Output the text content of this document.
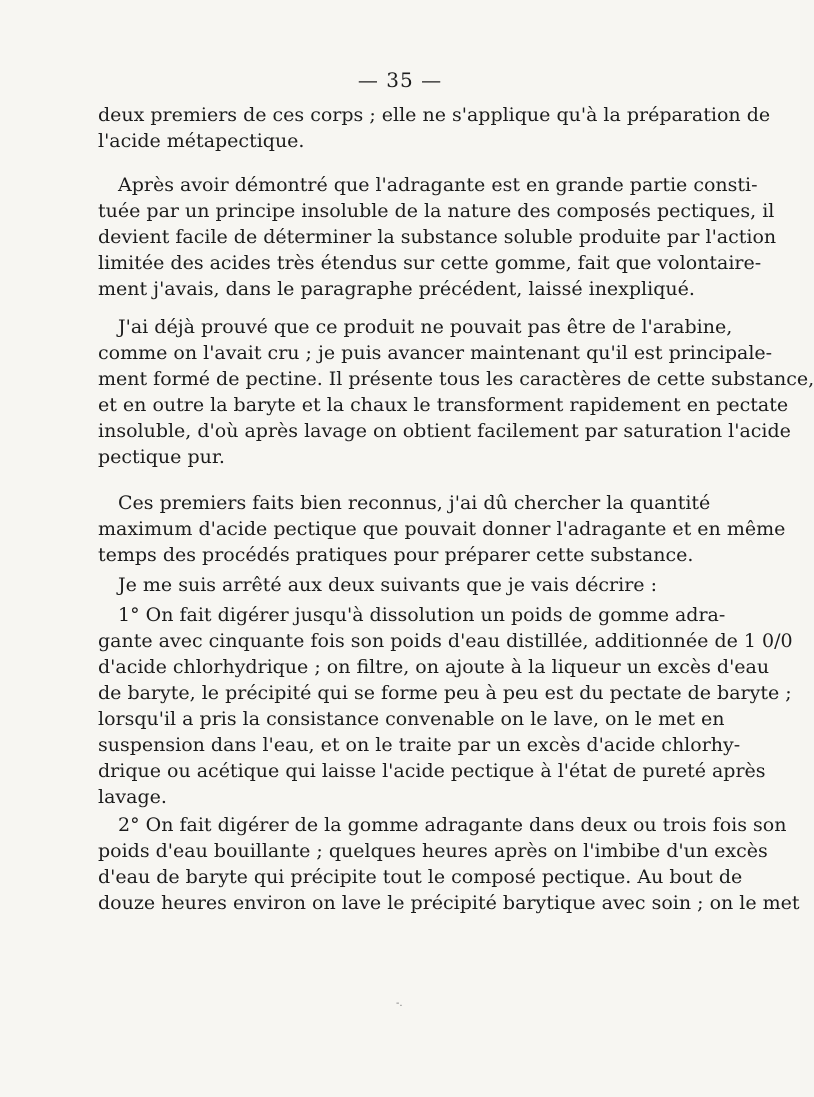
— 35 —
deux premiers de ces corps ; elle ne s'applique qu'à la préparation de
l'acide métapectique.
Après avoir démontré que l'adragante est en grande partie consti-
tuée par un principe insoluble de la nature des composés pectiques, il
devient facile de déterminer la substance soluble produite par l'action
limitée des acides très étendus sur cette gomme, fait que volontaire-
ment j'avais, dans le paragraphe précédent, laissé inexpliqué.
J'ai déjà prouvé que ce produit ne pouvait pas être de l'arabine,
comme on l'avait cru ; je puis avancer maintenant qu'il est principale-
ment formé de pectine. Il présente tous les caractères de cette substance,
et en outre la baryte et la chaux le transforment rapidement en pectate
insoluble, d'où après lavage on obtient facilement par saturation l'acide
pectique pur.
Ces premiers faits bien reconnus, j'ai dû chercher la quantité
maximum d'acide pectique que pouvait donner l'adragante et en même
temps des procédés pratiques pour préparer cette substance.
Je me suis arrêté aux deux suivants que je vais décrire :
1° On fait digérer jusqu'à dissolution un poids de gomme adra-
gante avec cinquante fois son poids d'eau distillée, additionnée de 1 0/0
d'acide chlorhydrique ; on filtre, on ajoute à la liqueur un excès d'eau
de baryte, le précipité qui se forme peu à peu est du pectate de baryte ;
lorsqu'il a pris la consistance convenable on le lave, on le met en
suspension dans l'eau, et on le traite par un excès d'acide chlorhy-
drique ou acétique qui laisse l'acide pectique à l'état de pureté après
lavage.
2° On fait digérer de la gomme adragante dans deux ou trois fois son
poids d'eau bouillante ; quelques heures après on l'imbibe d'un excès
d'eau de baryte qui précipite tout le composé pectique. Au bout de
douze heures environ on lave le précipité barytique avec soin ; on le met
-.
